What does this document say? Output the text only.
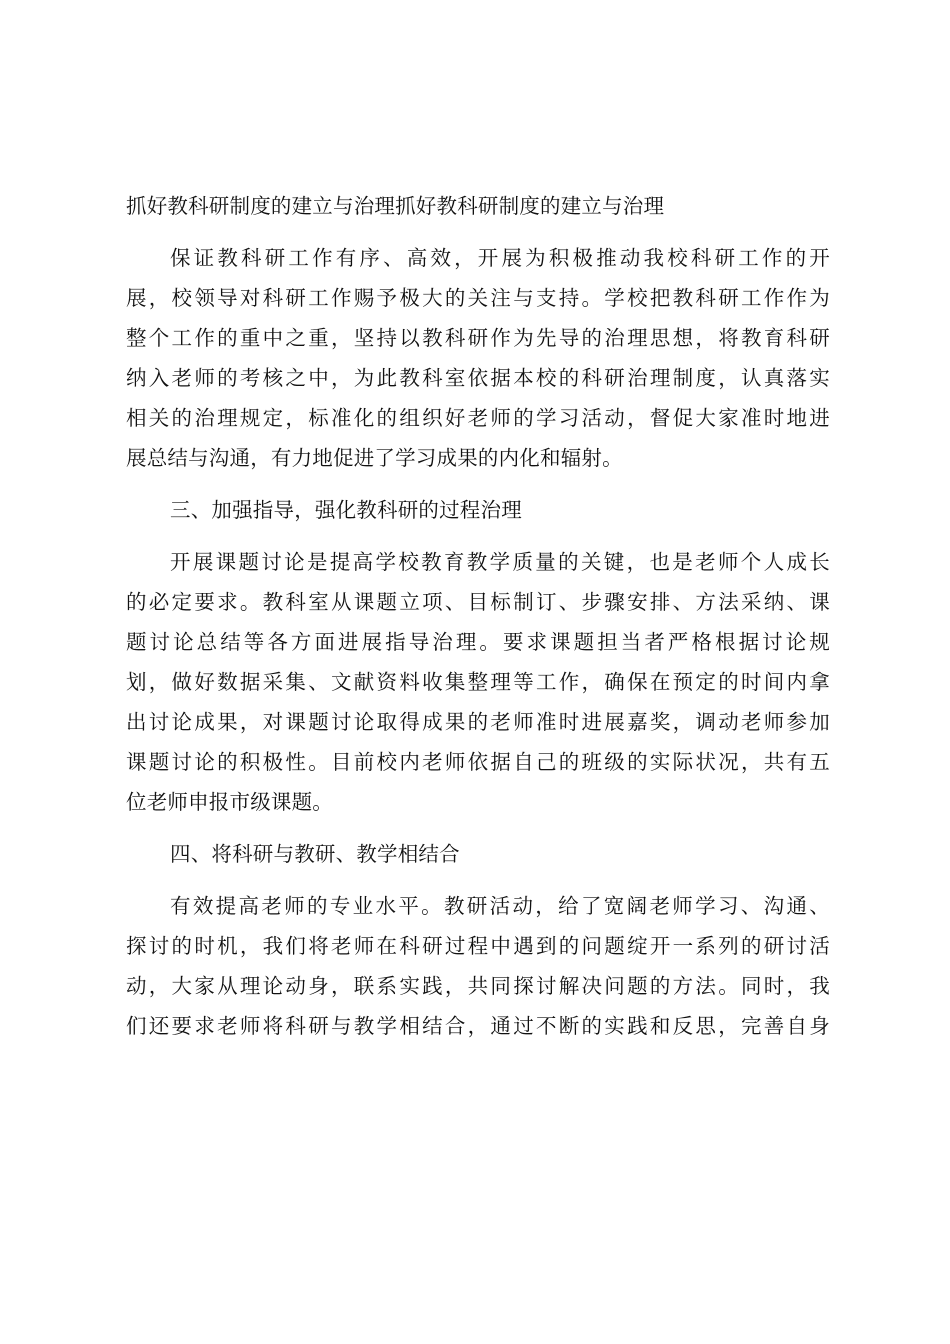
抓好教科研制度的建立与治理抓好教科研制度的建立与治理
保证教科研工作有序、高效，开展为积极推动我校科研工作的开
展，校领导对科研工作赐予极大的关注与支持。学校把教科研工作作为
整个工作的重中之重，坚持以教科研作为先导的治理思想，将教育科研
纳入老师的考核之中，为此教科室依据本校的科研治理制度，认真落实
相关的治理规定，标准化的组织好老师的学习活动，督促大家准时地进
展总结与沟通，有力地促进了学习成果的内化和辐射。
三、加强指导，强化教科研的过程治理
开展课题讨论是提高学校教育教学质量的关键，也是老师个人成长
的必定要求。教科室从课题立项、目标制订、步骤安排、方法采纳、课
题讨论总结等各方面进展指导治理。要求课题担当者严格根据讨论规
划，做好数据采集、文献资料收集整理等工作，确保在预定的时间内拿
出讨论成果，对课题讨论取得成果的老师准时进展嘉奖，调动老师参加
课题讨论的积极性。目前校内老师依据自己的班级的实际状况，共有五
位老师申报市级课题。
四、将科研与教研、教学相结合
有效提高老师的专业水平。教研活动，给了宽阔老师学习、沟通、
探讨的时机，我们将老师在科研过程中遇到的问题绽开一系列的研讨活
动，大家从理论动身，联系实践，共同探讨解决问题的方法。同时，我
们还要求老师将科研与教学相结合，通过不断的实践和反思，完善自身
